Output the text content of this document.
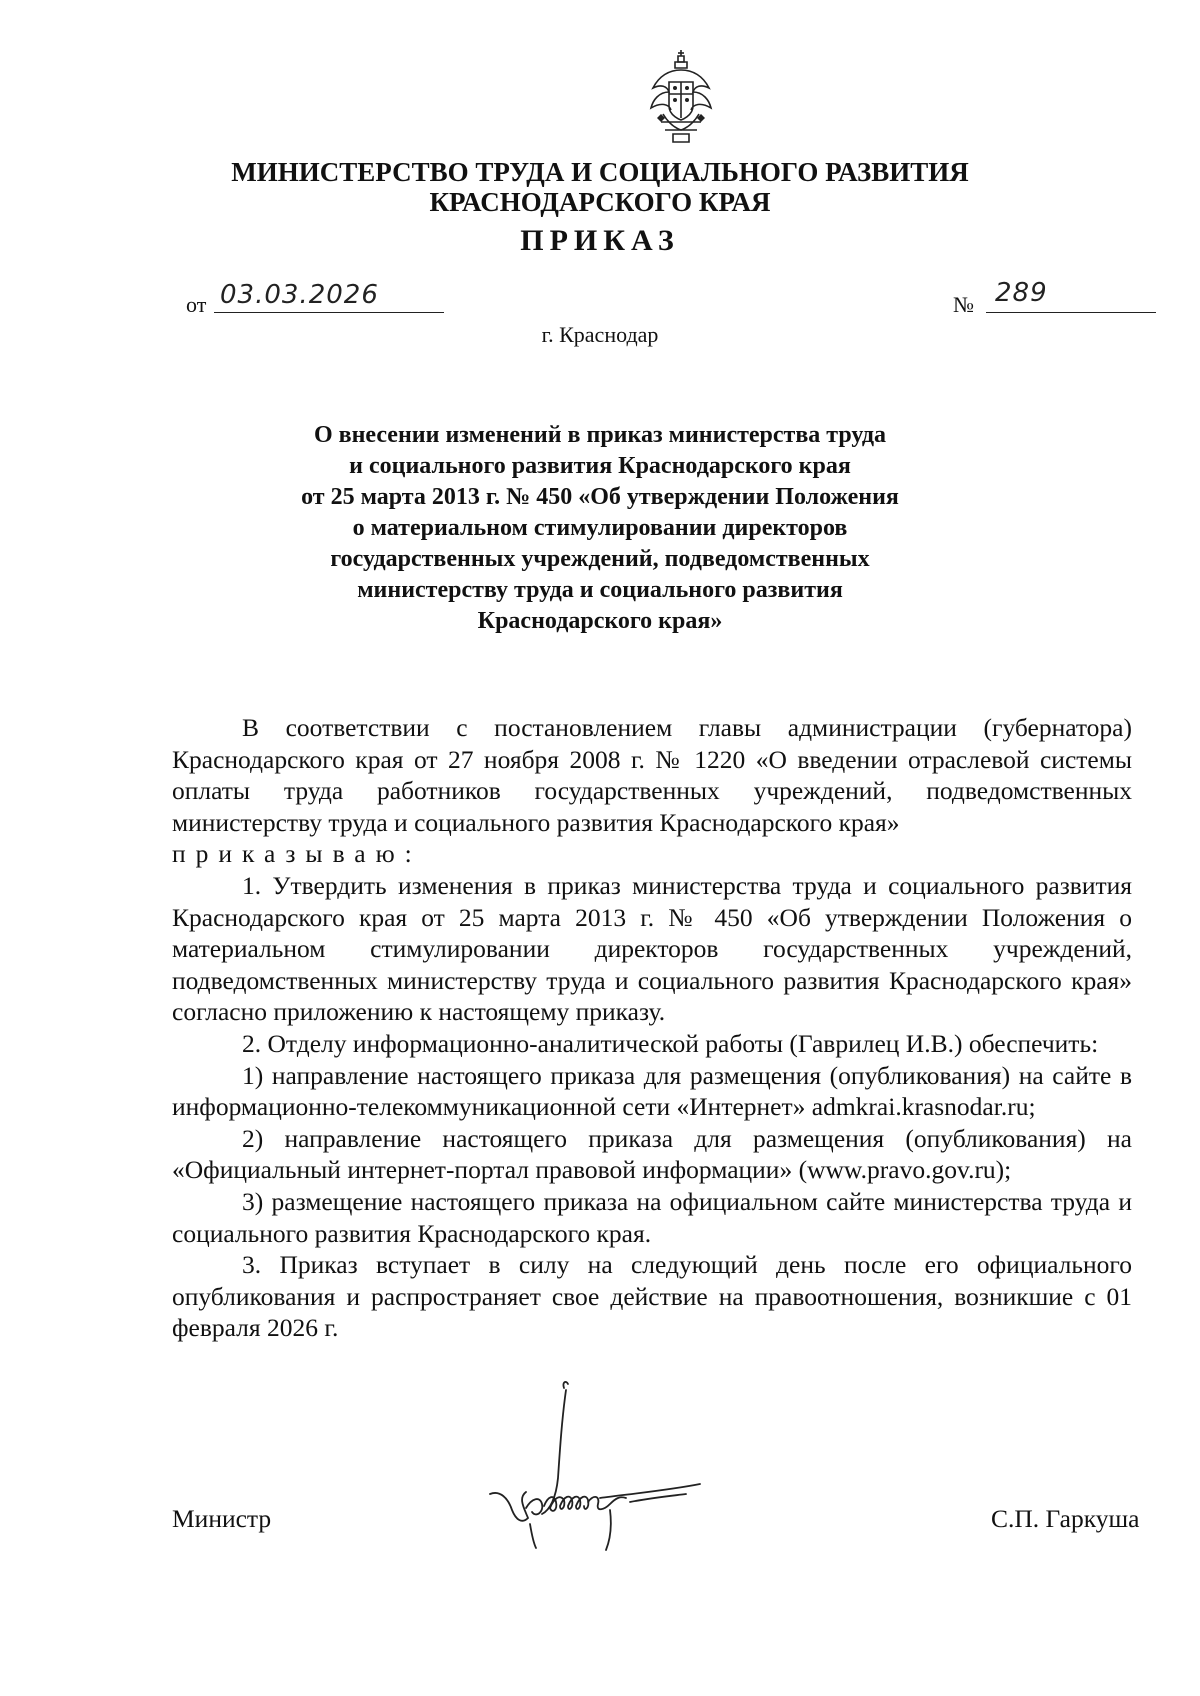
МИНИСТЕРСТВО ТРУДА И СОЦИАЛЬНОГО РАЗВИТИЯ
КРАСНОДАРСКОГО КРАЯ
ПРИКАЗ
от 03.03.2026	№ 289
г. Краснодар
О внесении изменений в приказ министерства труда
и социального развития Краснодарского края
от 25 марта 2013 г. № 450 «Об утверждении Положения
о материальном стимулировании директоров
государственных учреждений, подведомственных
министерству труда и социального развития
Краснодарского края»

В соответствии с постановлением главы администрации (губернатора) Краснодарского края от 27 ноября 2008 г. № 1220 «О введении отраслевой системы оплаты труда работников государственных учреждений, подведомственных министерству труда и социального развития Краснодарского края»

приказываю:

1. Утвердить изменения в приказ министерства труда и социального развития Краснодарского края от 25 марта 2013 г. № 450 «Об утверждении Положения о материальном стимулировании директоров государственных учреждений, подведомственных министерству труда и социального развития Краснодарского края» согласно приложению к настоящему приказу.

2. Отделу информационно-аналитической работы (Гаврилец И.В.) обеспечить:

1) направление настоящего приказа для размещения (опубликования) на сайте в информационно-телекоммуникационной сети «Интернет» admkrai.krasnodar.ru;

2) направление настоящего приказа для размещения (опубликования) на «Официальный интернет-портал правовой информации» (www.pravo.gov.ru);

3) размещение настоящего приказа на официальном сайте министерства труда и социального развития Краснодарского края.

3. Приказ вступает в силу на следующий день после его официального опубликования и распространяет свое действие на правоотношения, возникшие с 01 февраля 2026 г.

Министр	С.П. Гаркуша
